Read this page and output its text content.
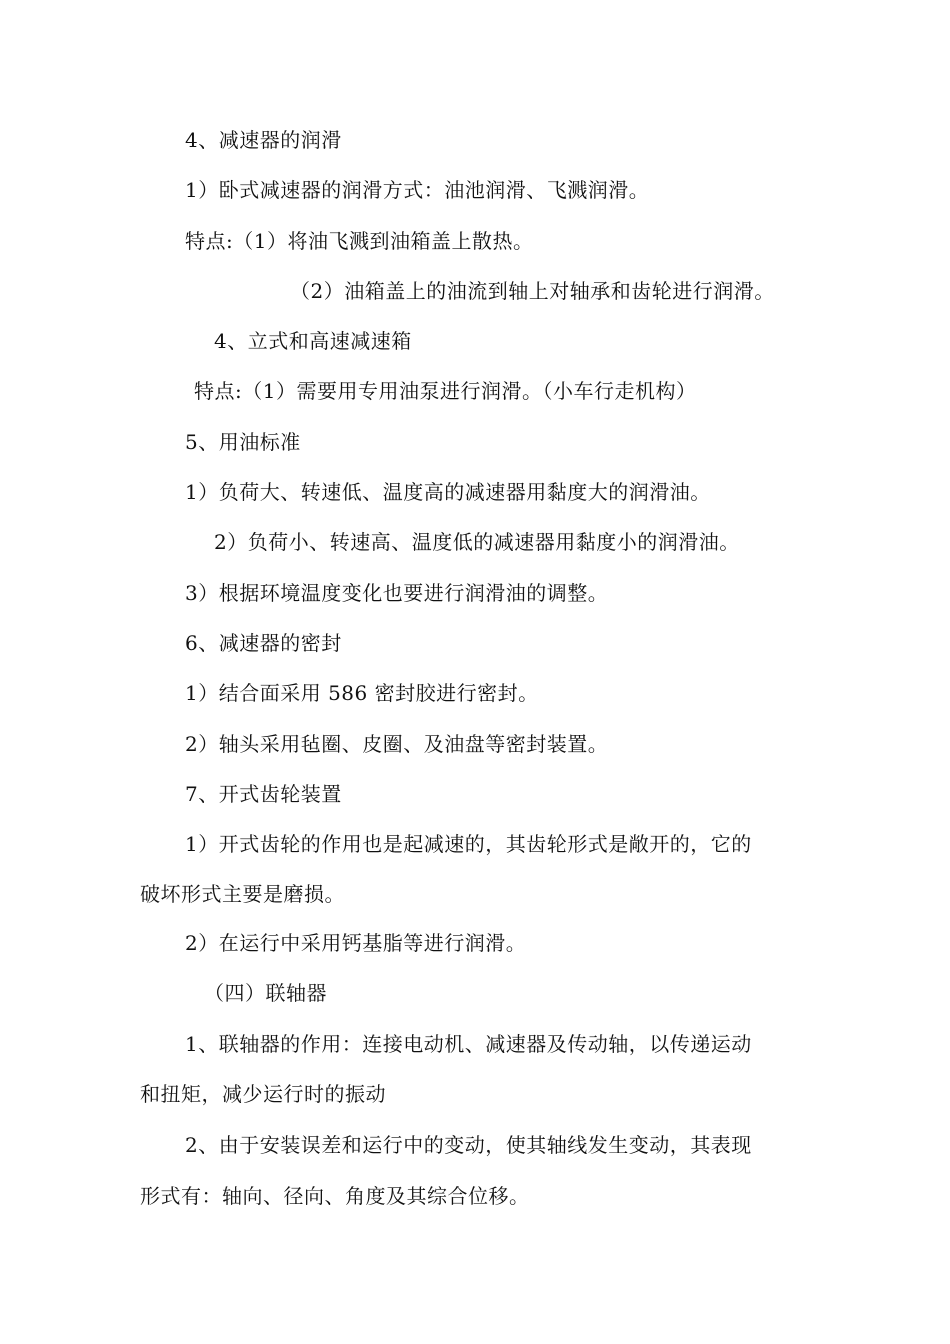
4、减速器的润滑
1）卧式减速器的润滑方式：油池润滑、飞溅润滑。
特点:（1）将油飞溅到油箱盖上散热。
（2）油箱盖上的油流到轴上对轴承和齿轮进行润滑。
4、立式和高速减速箱
特点:（1）需要用专用油泵进行润滑。（小车行走机构）
5、用油标准
1）负荷大、转速低、温度高的减速器用黏度大的润滑油。
2）负荷小、转速高、温度低的减速器用黏度小的润滑油。
3）根据环境温度变化也要进行润滑油的调整。
6、减速器的密封
1）结合面采用 586 密封胶进行密封。
2）轴头采用毡圈、皮圈、及油盘等密封装置。
7、开式齿轮装置
1）开式齿轮的作用也是起减速的，其齿轮形式是敞开的，它的
破坏形式主要是磨损。
2）在运行中采用钙基脂等进行润滑。
（四）联轴器
1、联轴器的作用：连接电动机、减速器及传动轴，以传递运动
和扭矩，减少运行时的振动
2、由于安装误差和运行中的变动，使其轴线发生变动，其表现
形式有：轴向、径向、角度及其综合位移。
